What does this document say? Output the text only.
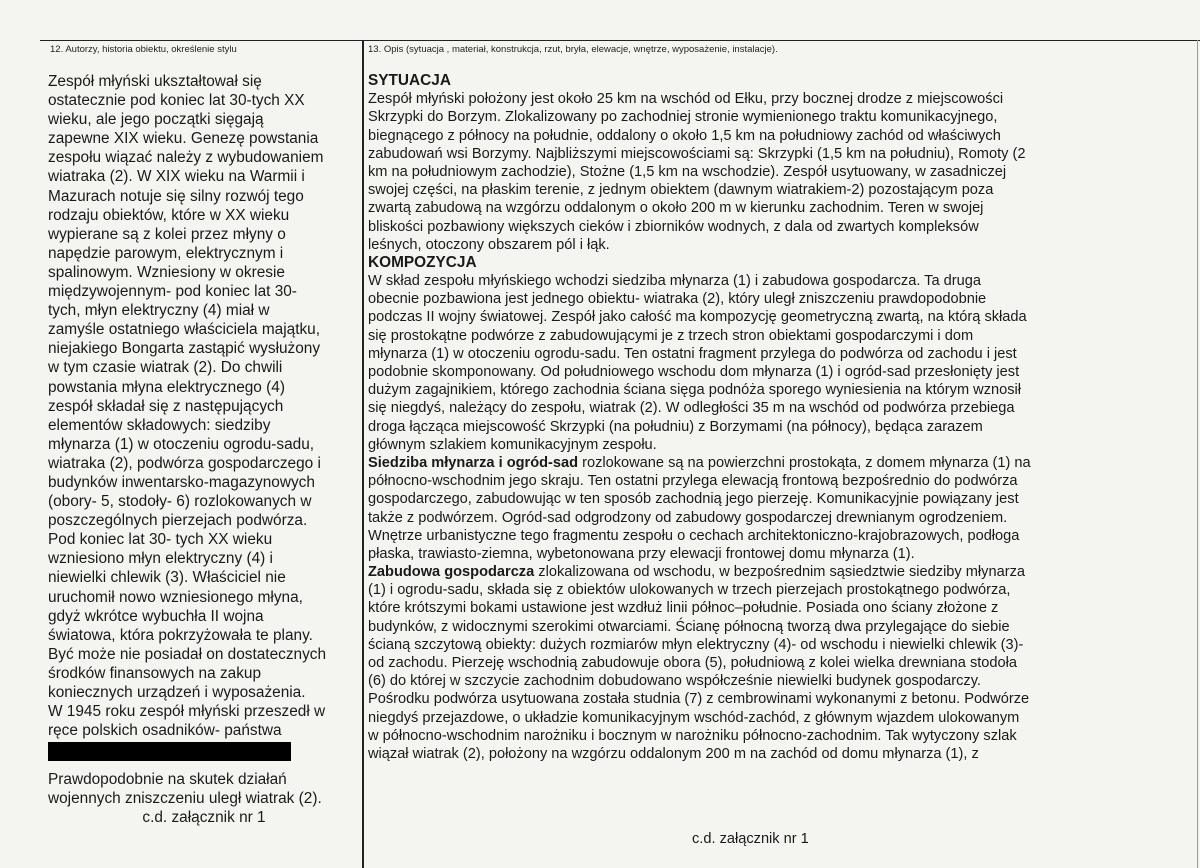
12. Autorzy, historia obiektu, określenie stylu	13. Opis (sytuacja , materiał, konstrukcja, rzut, bryła, elewacje, wnętrze, wyposażenie, instalacje).
Zespół młyński ukształtował się
ostatecznie pod koniec lat 30-tych XX
wieku, ale jego początki sięgają
zapewne XIX wieku. Genezę powstania
zespołu wiązać należy z wybudowaniem
wiatraka (2). W XIX wieku na Warmii i
Mazurach notuje się silny rozwój tego
rodzaju obiektów, które w XX wieku
wypierane są z kolei przez młyny o
napędzie parowym, elektrycznym i
spalinowym. Wzniesiony w okresie
międzywojennym- pod koniec lat 30-
tych, młyn elektryczny (4) miał w
zamyśle ostatniego właściciela majątku,
niejakiego Bongarta zastąpić wysłużony
w tym czasie wiatrak (2). Do chwili
powstania młyna elektrycznego (4)
zespół składał się z następujących
elementów składowych: siedziby
młynarza (1) w otoczeniu ogrodu-sadu,
wiatraka (2), podwórza gospodarczego i
budynków inwentarsko-magazynowych
(obory- 5, stodoły- 6) rozlokowanych w
poszczególnych pierzejach podwórza.
Pod koniec lat 30- tych XX wieku
wzniesiono młyn elektryczny (4) i
niewielki chlewik (3). Właściciel nie
uruchomił nowo wzniesionego młyna,
gdyż wkrótce wybuchła II wojna
światowa, która pokrzyżowała te plany.
Być może nie posiadał on dostatecznych
środków finansowych na zakup
koniecznych urządzeń i wyposażenia.
W 1945 roku zespół młyński przeszedł w
ręce polskich osadników- państwa
Prawdopodobnie na skutek działań
wojennych zniszczeniu uległ wiatrak (2).
c.d. załącznik nr 1
SYTUACJA
Zespół młyński położony jest około 25 km na wschód od Ełku, przy bocznej drodze z miejscowości
Skrzypki do Borzym. Zlokalizowany po zachodniej stronie wymienionego traktu komunikacyjnego,
biegnącego z północy na południe, oddalony o około 1,5 km na południowy zachód od właściwych
zabudowań wsi Borzymy. Najbliższymi miejscowościami są: Skrzypki (1,5 km na południu), Romoty (2
km na południowym zachodzie), Stożne (1,5 km na wschodzie). Zespół usytuowany, w zasadniczej
swojej części, na płaskim terenie, z jednym obiektem (dawnym wiatrakiem-2) pozostającym poza
zwartą zabudową na wzgórzu oddalonym o około 200 m w kierunku zachodnim. Teren w swojej
bliskości pozbawiony większych cieków i zbiorników wodnych, z dala od zwartych kompleksów
leśnych, otoczony obszarem pól i łąk.
KOMPOZYCJA
W skład zespołu młyńskiego wchodzi siedziba młynarza (1) i zabudowa gospodarcza. Ta druga
obecnie pozbawiona jest jednego obiektu- wiatraka (2), który uległ zniszczeniu prawdopodobnie
podczas II wojny światowej. Zespół jako całość ma kompozycję geometryczną zwartą, na którą składa
się prostokątne podwórze z zabudowującymi je z trzech stron obiektami gospodarczymi i dom
młynarza (1) w otoczeniu ogrodu-sadu. Ten ostatni fragment przylega do podwórza od zachodu i jest
podobnie skomponowany. Od południowego wschodu dom młynarza (1) i ogród-sad przesłonięty jest
dużym zagajnikiem, którego zachodnia ściana sięga podnóża sporego wyniesienia na którym wznosił
się niegdyś, należący do zespołu, wiatrak (2). W odległości 35 m na wschód od podwórza przebiega
droga łącząca miejscowość Skrzypki (na południu) z Borzymami (na północy), będąca zarazem
głównym szlakiem komunikacyjnym zespołu.
Siedziba młynarza i ogród-sad rozlokowane są na powierzchni prostokąta, z domem młynarza (1) na
północno-wschodnim jego skraju. Ten ostatni przylega elewacją frontową bezpośrednio do podwórza
gospodarczego, zabudowując w ten sposób zachodnią jego pierzeję. Komunikacyjnie powiązany jest
także z podwórzem. Ogród-sad odgrodzony od zabudowy gospodarczej drewnianym ogrodzeniem.
Wnętrze urbanistyczne tego fragmentu zespołu o cechach architektoniczno-krajobrazowych, podłoga
płaska, trawiasto-ziemna, wybetonowana przy elewacji frontowej domu młynarza (1).
Zabudowa gospodarcza zlokalizowana od wschodu, w bezpośrednim sąsiedztwie siedziby młynarza
(1) i ogrodu-sadu, składa się z obiektów ulokowanych w trzech pierzejach prostokątnego podwórza,
które krótszymi bokami ustawione jest wzdłuż linii północ–południe. Posiada ono ściany złożone z
budynków, z widocznymi szerokimi otwarciami. Ścianę północną tworzą dwa przylegające do siebie
ścianą szczytową obiekty: dużych rozmiarów młyn elektryczny (4)- od wschodu i niewielki chlewik (3)-
od zachodu. Pierzeję wschodnią zabudowuje obora (5), południową z kolei wielka drewniana stodoła
(6) do której w szczycie zachodnim dobudowano współcześnie niewielki budynek gospodarczy.
Pośrodku podwórza usytuowana została studnia (7) z cembrowinami wykonanymi z betonu. Podwórze
niegdyś przejazdowe, o układzie komunikacyjnym wschód-zachód, z głównym wjazdem ulokowanym
w północno-wschodnim narożniku i bocznym w narożniku północno-zachodnim. Tak wytyczony szlak
wiązał wiatrak (2), położony na wzgórzu oddalonym 200 m na zachód od domu młynarza (1), z
c.d. załącznik nr 1
